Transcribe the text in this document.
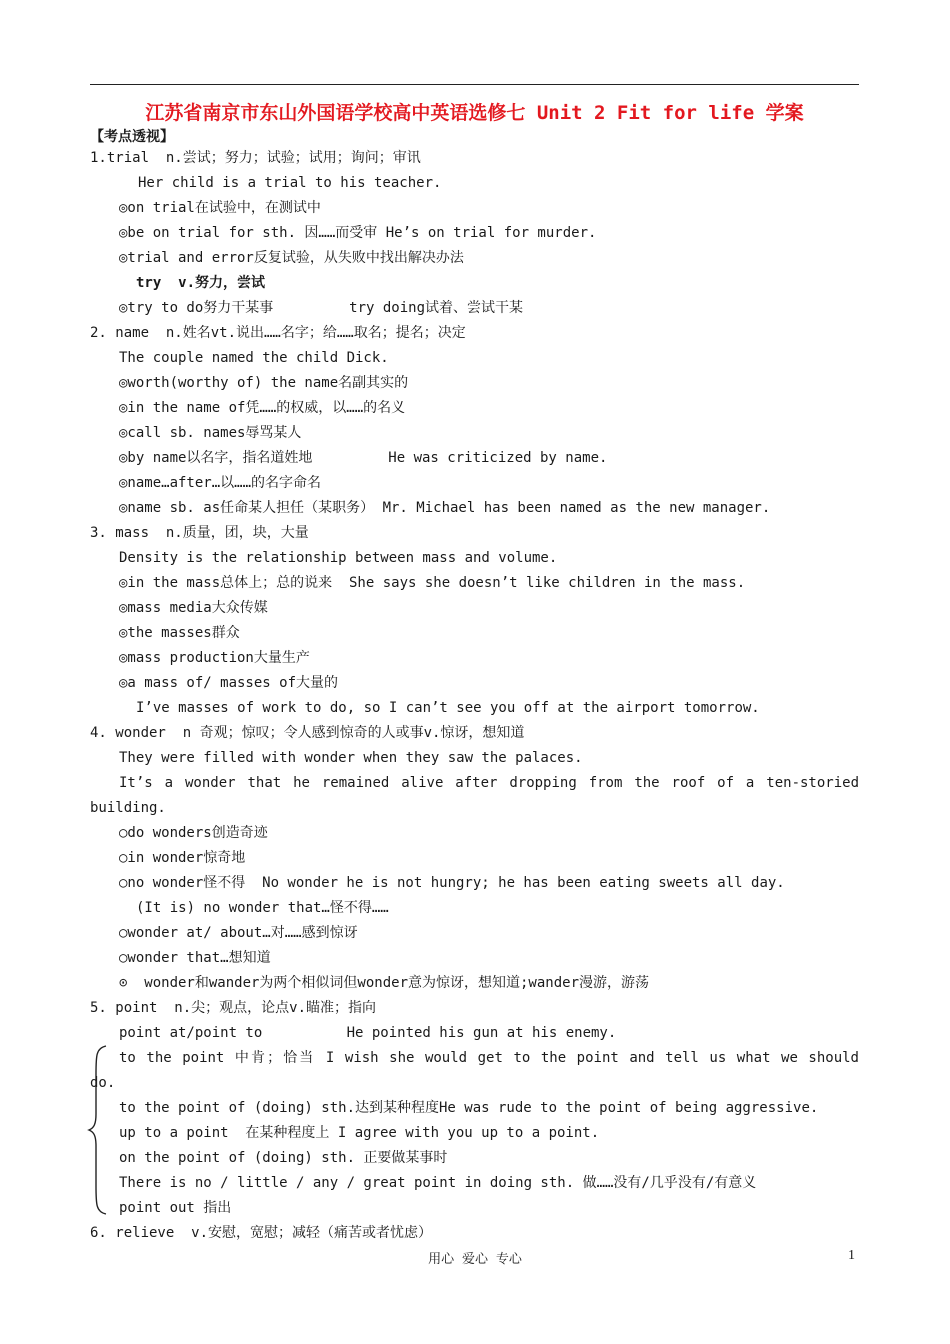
江苏省南京市东山外国语学校高中英语选修七 Unit 2 Fit for life 学案
【考点透视】
1.trial  n.尝试；努力；试验；试用；询问；审讯
Her child is a trial to his teacher.
◎on trial在试验中，在测试中
◎be on trial for sth. 因……而受审 He’s on trial for murder.
◎trial and error反复试验，从失败中找出解决办法
try  v.努力，尝试
◎try to do努力干某事         try doing试着、尝试干某
2. name  n.姓名vt.说出……名字；给……取名；提名；决定
The couple named the child Dick.
◎worth(worthy of) the name名副其实的
◎in the name of凭……的权威，以……的名义
◎call sb. names辱骂某人
◎by name以名字，指名道姓地         He was criticized by name.
◎name…after…以……的名字命名
◎name sb. as任命某人担任（某职务） Mr. Michael has been named as the new manager.
3. mass  n.质量，团，块，大量
Density is the relationship between mass and volume.
◎in the mass总体上；总的说来  She says she doesn’t like children in the mass.
◎mass media大众传媒
◎the masses群众
◎mass production大量生产
◎a mass of/ masses of大量的
I’ve masses of work to do, so I can’t see you off at the airport tomorrow.
4. wonder  n 奇观；惊叹；令人感到惊奇的人或事v.惊讶，想知道
They were filled with wonder when they saw the palaces.
It’s a wonder that he remained alive after dropping from the roof of a ten-storied
building.
○do wonders创造奇迹
○in wonder惊奇地
○no wonder怪不得  No wonder he is not hungry; he has been eating sweets all day.
(It is) no wonder that…怪不得……
○wonder at/ about…对……感到惊讶
○wonder that…想知道
⊙  wonder和wander为两个相似词但wonder意为惊讶，想知道;wander漫游，游荡
5. point  n.尖；观点，论点v.瞄准；指向
point at/point to          He pointed his gun at his enemy.
to the point 中肯；恰当 I wish she would get to the point and tell us what we should
do.
to the point of (doing) sth.达到某种程度He was rude to the point of being aggressive.
up to a point  在某种程度上 I agree with you up to a point.
on the point of (doing) sth. 正要做某事时
There is no / little / any / great point in doing sth. 做……没有/几乎没有/有意义
point out 指出
6. relieve  v.安慰，宽慰；减轻（痛苦或者忧虑）
用心 爱心 专心	1
